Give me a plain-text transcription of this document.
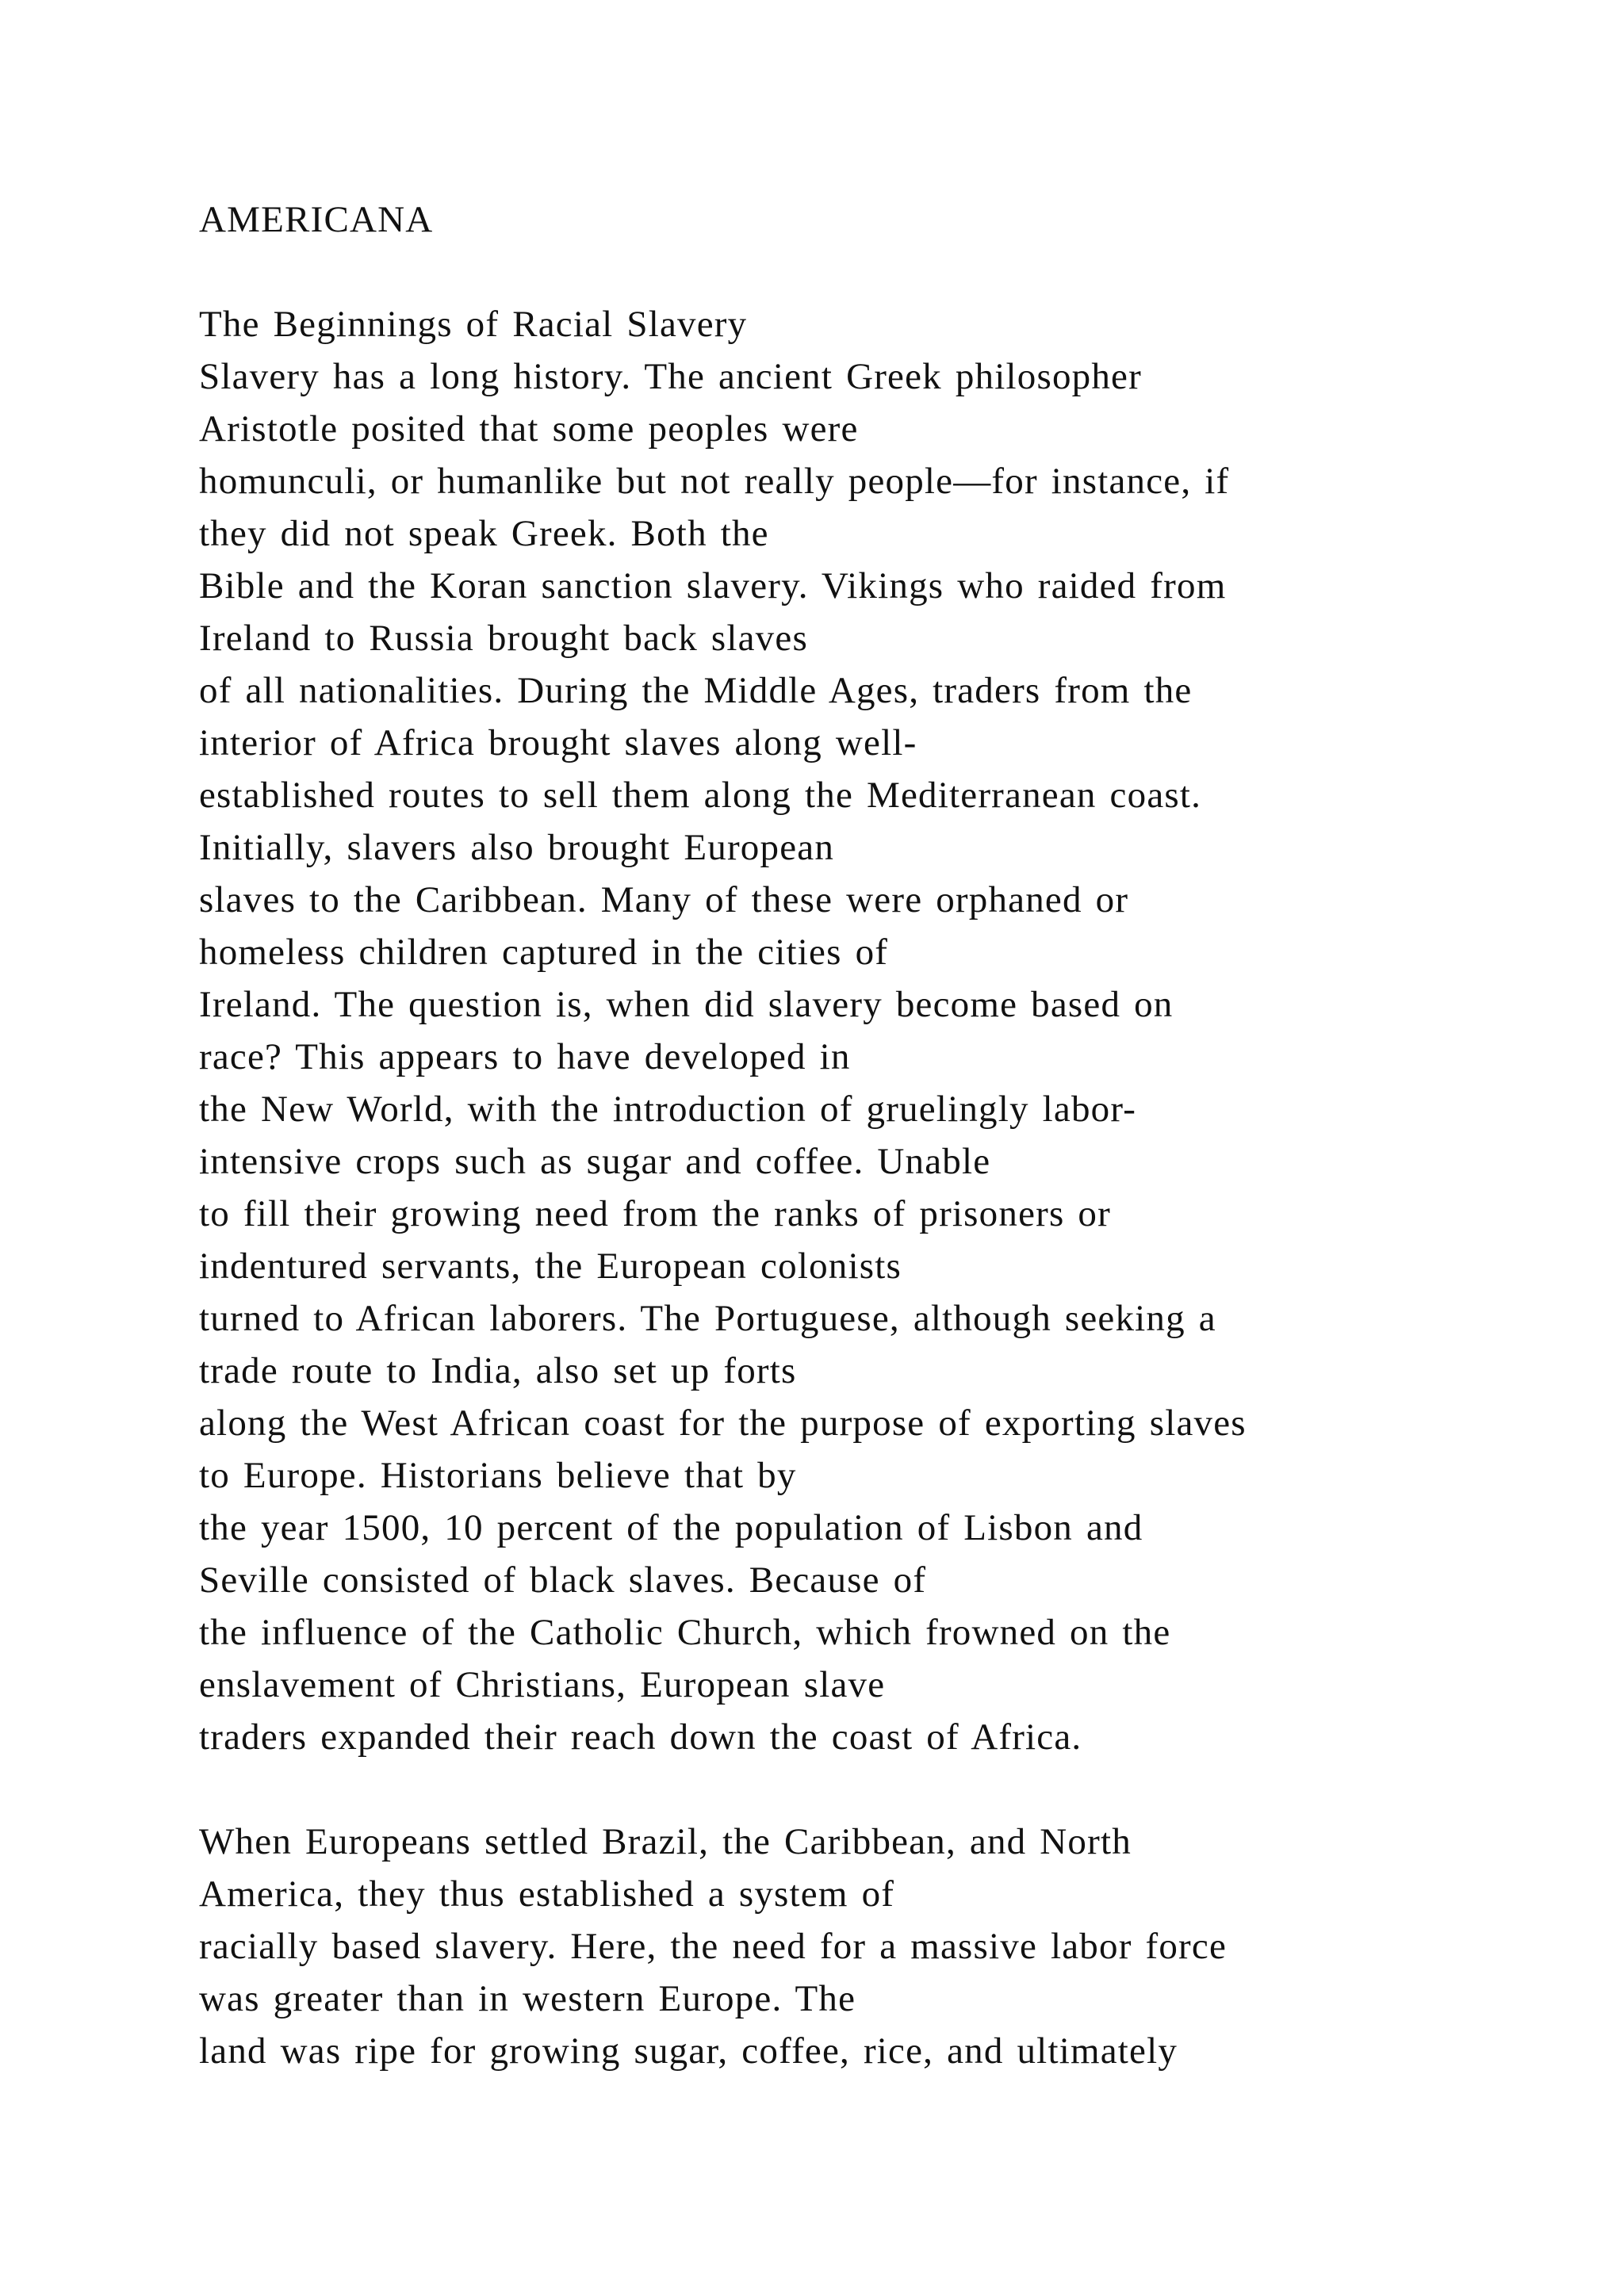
AMERICANA
The Beginnings of Racial Slavery
Slavery has a long history. The ancient Greek philosopher
Aristotle posited that some peoples were
homunculi, or humanlike but not really people—for instance, if
they did not speak Greek. Both the
Bible and the Koran sanction slavery. Vikings who raided from
Ireland to Russia brought back slaves
of all nationalities. During the Middle Ages, traders from the
interior of Africa brought slaves along well-
established routes to sell them along the Mediterranean coast.
Initially, slavers also brought European
slaves to the Caribbean. Many of these were orphaned or
homeless children captured in the cities of
Ireland. The question is, when did slavery become based on
race? This appears to have developed in
the New World, with the introduction of gruelingly labor-
intensive crops such as sugar and coffee. Unable
to fill their growing need from the ranks of prisoners or
indentured servants, the European colonists
turned to African laborers. The Portuguese, although seeking a
trade route to India, also set up forts
along the West African coast for the purpose of exporting slaves
to Europe. Historians believe that by
the year 1500, 10 percent of the population of Lisbon and
Seville consisted of black slaves. Because of
the influence of the Catholic Church, which frowned on the
enslavement of Christians, European slave
traders expanded their reach down the coast of Africa.
When Europeans settled Brazil, the Caribbean, and North
America, they thus established a system of
racially based slavery. Here, the need for a massive labor force
was greater than in western Europe. The
land was ripe for growing sugar, coffee, rice, and ultimately
